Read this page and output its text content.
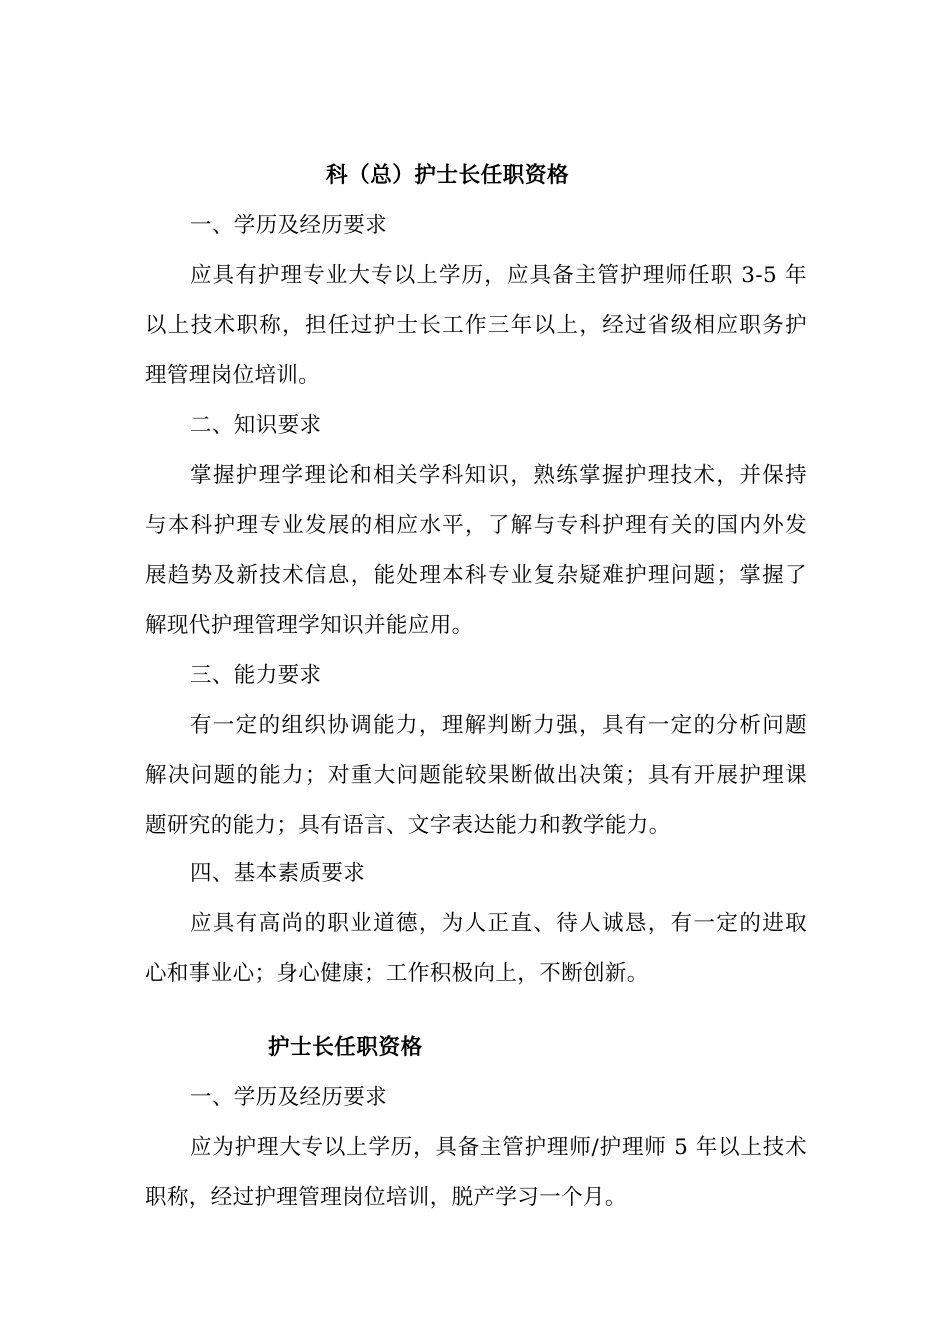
科（总）护士长任职资格
一、学历及经历要求
应具有护理专业大专以上学历，应具备主管护理师任职 3-5 年
以上技术职称，担任过护士长工作三年以上，经过省级相应职务护
理管理岗位培训。
二、知识要求
掌握护理学理论和相关学科知识，熟练掌握护理技术，并保持
与本科护理专业发展的相应水平，了解与专科护理有关的国内外发
展趋势及新技术信息，能处理本科专业复杂疑难护理问题；掌握了
解现代护理管理学知识并能应用。
三、能力要求
有一定的组织协调能力，理解判断力强，具有一定的分析问题
解决问题的能力；对重大问题能较果断做出决策；具有开展护理课
题研究的能力；具有语言、文字表达能力和教学能力。
四、基本素质要求
应具有高尚的职业道德，为人正直、待人诚恳，有一定的进取
心和事业心；身心健康；工作积极向上，不断创新。
护士长任职资格
一、学历及经历要求
应为护理大专以上学历，具备主管护理师/护理师 5 年以上技术
职称，经过护理管理岗位培训，脱产学习一个月。
